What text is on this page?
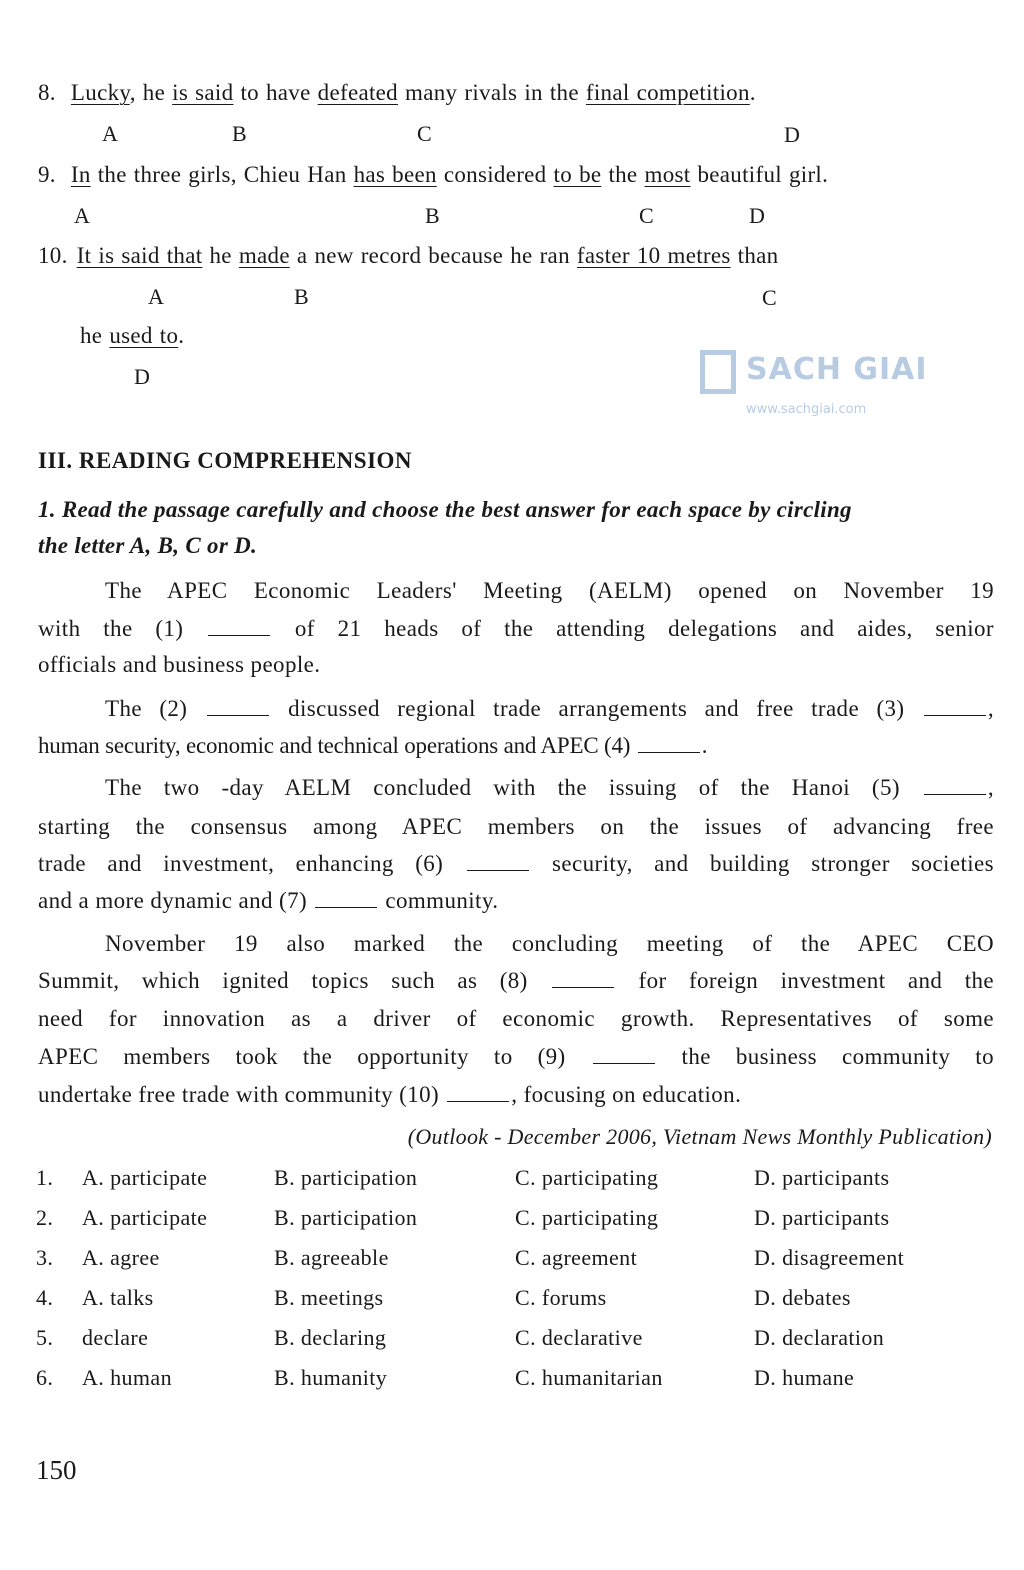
8. Lucky, he is said to have defeated many rivals in the final competition.
A	B	C	D
9. In the three girls, Chieu Han has been considered to be the most beautiful girl.
A	B	C	D
10. It is said that he made a new record because he ran faster 10 metres than
A	B	C
he used to.
D
III. READING COMPREHENSION
1. Read the passage carefully and choose the best answer for each space by circling
the letter A, B, C or D.
The APEC Economic Leaders' Meeting (AELM) opened on November 19
with the (1)	of 21 heads of the attending delegations and aides, senior
officials and business people.
The (2)	discussed regional trade arrangements and free trade (3)	,
human security, economic and technical operations and APEC (4)	.
The two -day AELM concluded with the issuing of the Hanoi (5)	,
starting the consensus among APEC members on the issues of advancing free
trade and investment, enhancing (6)	security, and building stronger societies
and a more dynamic and (7)	community.
November 19 also marked the concluding meeting of the APEC CEO
Summit, which ignited topics such as (8)	for foreign investment and the
need for innovation as a driver of economic growth. Representatives of some
APEC members took the opportunity to (9)	the business community to
undertake free trade with community (10)	, focusing on education.
(Outlook - December 2006, Vietnam News Monthly Publication)
1. A. participate	B. participation	C. participating	D. participants
2. A. participate	B. participation	C. participating	D. participants
3. A. agree	B. agreeable	C. agreement	D. disagreement
4. A. talks	B. meetings	C. forums	D. debates
5. declare	B. declaring	C. declarative	D. declaration
6. A. human	B. humanity	C. humanitarian	D. humane
150
SACH GIAI
www.sachgiai.com
